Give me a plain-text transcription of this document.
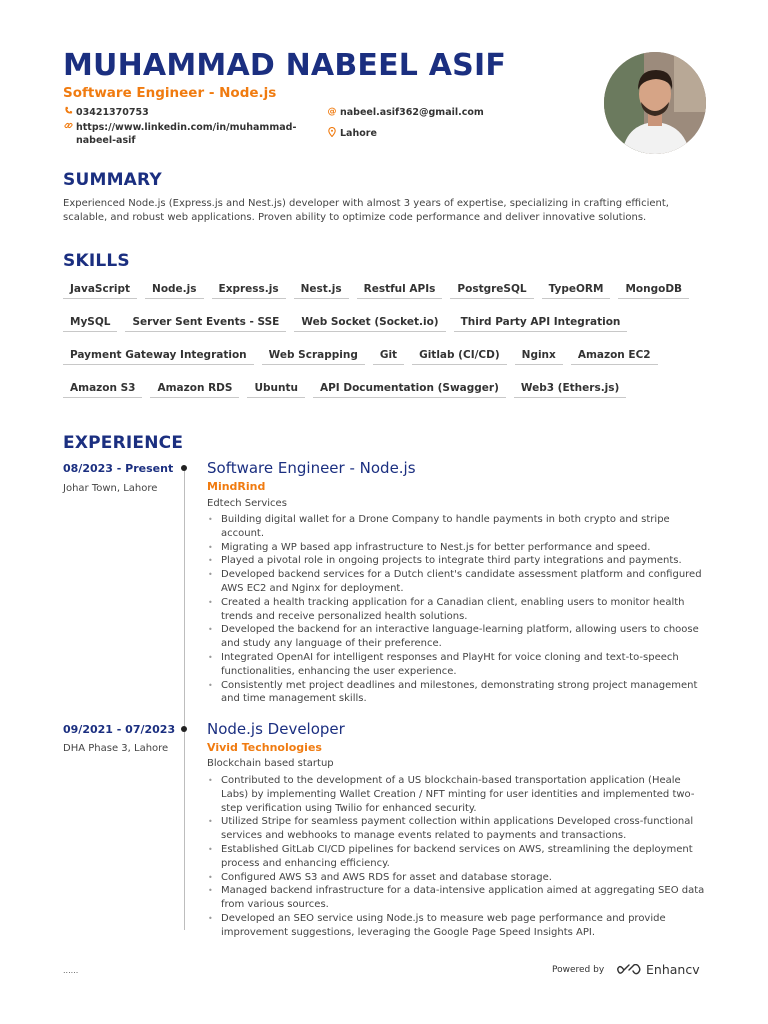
MUHAMMAD NABEEL ASIF
Software Engineer - Node.js
03421370753	@ nabeel.asif362@gmail.com
https://www.linkedin.com/in/muhammad-
nabeel-asif
Lahore
SUMMARY
Experienced Node.js (Express.js and Nest.js) developer with almost 3 years of expertise, specializing in crafting efficient, scalable, and robust web applications. Proven ability to optimize code performance and deliver innovative solutions.
SKILLS
JavaScript	Node.js	Express.js	Nest.js	Restful APIs	PostgreSQL	TypeORM	MongoDB
MySQL	Server Sent Events - SSE	Web Socket (Socket.io)	Third Party API Integration
Payment Gateway Integration	Web Scrapping	Git	Gitlab (CI/CD)	Nginx	Amazon EC2
Amazon S3	Amazon RDS	Ubuntu	API Documentation (Swagger)	Web3 (Ethers.js)
EXPERIENCE
08/2023 - Present
Johar Town, Lahore
Software Engineer - Node.js
MindRind
Edtech Services
• Building digital wallet for a Drone Company to handle payments in both crypto and stripe account.
• Migrating a WP based app infrastructure to Nest.js for better performance and speed.
• Played a pivotal role in ongoing projects to integrate third party integrations and payments.
• Developed backend services for a Dutch client's candidate assessment platform and configured AWS EC2 and Nginx for deployment.
• Created a health tracking application for a Canadian client, enabling users to monitor health trends and receive personalized health solutions.
• Developed the backend for an interactive language-learning platform, allowing users to choose and study any language of their preference.
• Integrated OpenAI for intelligent responses and PlayHt for voice cloning and text-to-speech functionalities, enhancing the user experience.
• Consistently met project deadlines and milestones, demonstrating strong project management and time management skills.
09/2021 - 07/2023
DHA Phase 3, Lahore
Node.js Developer
Vivid Technologies
Blockchain based startup
• Contributed to the development of a US blockchain-based transportation application (Heale Labs) by implementing Wallet Creation / NFT minting for user identities and implemented two-step verification using Twilio for enhanced security.
• Utilized Stripe for seamless payment collection within applications Developed cross-functional services and webhooks to manage events related to payments and transactions.
• Established GitLab CI/CD pipelines for backend services on AWS, streamlining the deployment process and enhancing efficiency.
• Configured AWS S3 and AWS RDS for asset and database storage.
• Managed backend infrastructure for a data-intensive application aimed at aggregating SEO data from various sources.
• Developed an SEO service using Node.js to measure web page performance and provide improvement suggestions, leveraging the Google Page Speed Insights API.
......	Powered by	Enhancv
